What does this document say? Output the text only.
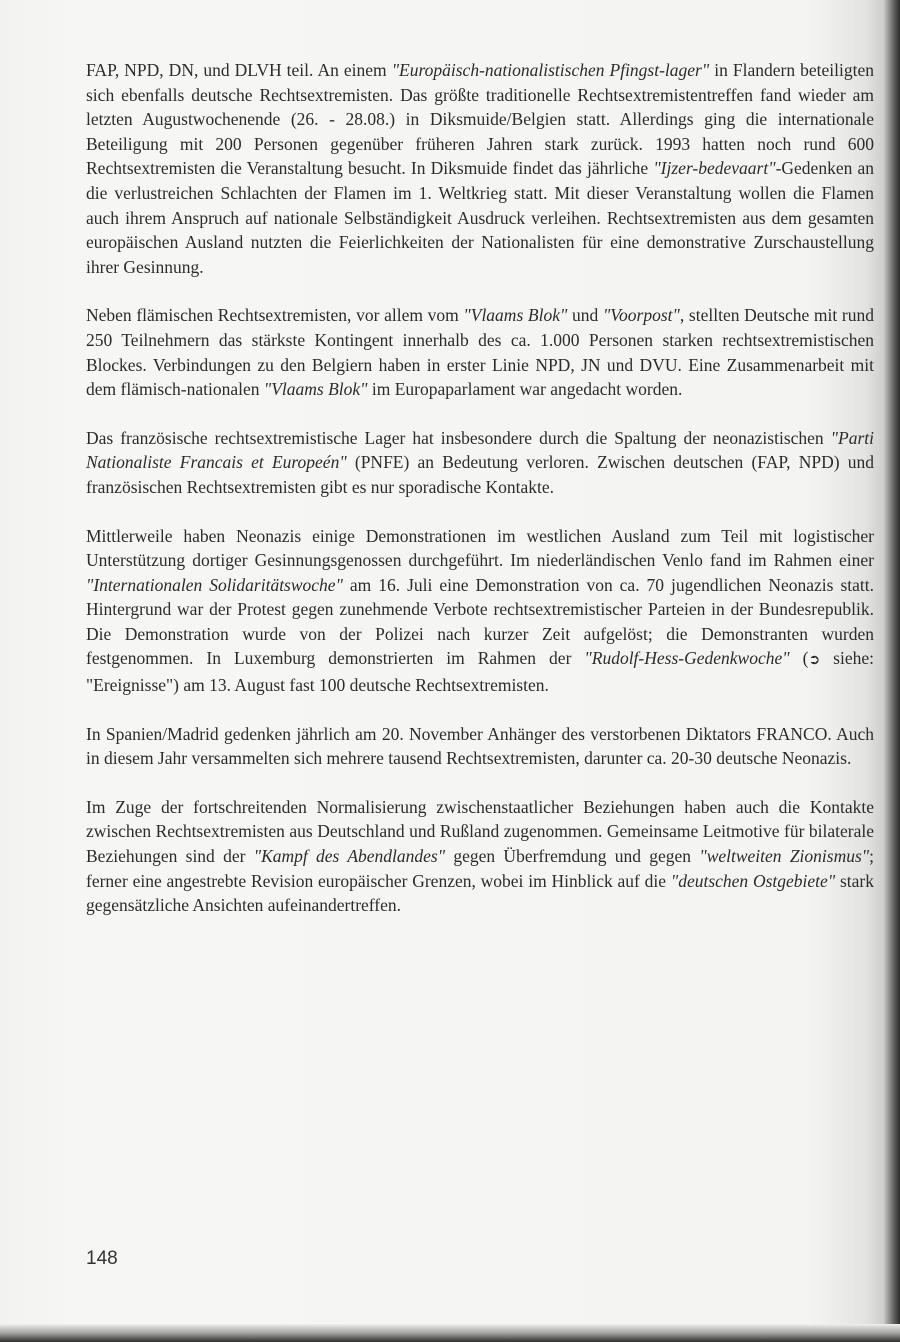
FAP, NPD, DN, und DLVH teil. An einem "Europäisch-nationalistischen Pfingst-lager" in Flandern beteiligten sich ebenfalls deutsche Rechtsextremisten. Das größte traditionelle Rechtsextremistentreffen fand wieder am letzten Augustwochenende (26. - 28.08.) in Diksmuide/Belgien statt. Allerdings ging die internationale Beteiligung mit 200 Personen gegenüber früheren Jahren stark zurück. 1993 hatten noch rund 600 Rechtsextremisten die Veranstaltung besucht. In Diksmuide findet das jährliche "Ijzer-bedevaart"-Gedenken an die verlustreichen Schlachten der Flamen im 1. Weltkrieg statt. Mit dieser Veranstaltung wollen die Flamen auch ihrem Anspruch auf nationale Selbständigkeit Ausdruck verleihen. Rechtsextremisten aus dem gesamten europäischen Ausland nutzten die Feierlichkeiten der Nationalisten für eine demonstrative Zurschaustellung ihrer Gesinnung.

Neben flämischen Rechtsextremisten, vor allem vom "Vlaams Blok" und "Voorpost", stellten Deutsche mit rund 250 Teilnehmern das stärkste Kontingent innerhalb des ca. 1.000 Personen starken rechtsextremistischen Blockes. Verbindungen zu den Belgiern haben in erster Linie NPD, JN und DVU. Eine Zusammenarbeit mit dem flämisch-nationalen "Vlaams Blok" im Europaparlament war angedacht worden.

Das französische rechtsextremistische Lager hat insbesondere durch die Spaltung der neonazistischen "Parti Nationaliste Francais et Europeén" (PNFE) an Bedeutung verloren. Zwischen deutschen (FAP, NPD) und französischen Rechtsextremisten gibt es nur sporadische Kontakte.

Mittlerweile haben Neonazis einige Demonstrationen im westlichen Ausland zum Teil mit logistischer Unterstützung dortiger Gesinnungsgenossen durchgeführt. Im niederländischen Venlo fand im Rahmen einer "Internationalen Solidaritätswoche" am 16. Juli eine Demonstration von ca. 70 jugendlichen Neonazis statt. Hintergrund war der Protest gegen zunehmende Verbote rechtsextremistischer Parteien in der Bundesrepublik. Die Demonstration wurde von der Polizei nach kurzer Zeit aufgelöst; die Demonstranten wurden festgenommen. In Luxemburg demonstrierten im Rahmen der "Rudolf-Hess-Gedenkwoche" (➲ siehe: "Ereignisse") am 13. August fast 100 deutsche Rechtsextremisten.

In Spanien/Madrid gedenken jährlich am 20. November Anhänger des verstorbenen Diktators FRANCO. Auch in diesem Jahr versammelten sich mehrere tausend Rechtsextremisten, darunter ca. 20-30 deutsche Neonazis.

Im Zuge der fortschreitenden Normalisierung zwischenstaatlicher Beziehungen haben auch die Kontakte zwischen Rechtsextremisten aus Deutschland und Rußland zugenommen. Gemeinsame Leitmotive für bilaterale Beziehungen sind der "Kampf des Abendlandes" gegen Überfremdung und gegen "weltweiten Zionismus"; ferner eine angestrebte Revision europäischer Grenzen, wobei im Hinblick auf die "deutschen Ostgebiete" stark gegensätzliche Ansichten aufeinandertreffen.

148
